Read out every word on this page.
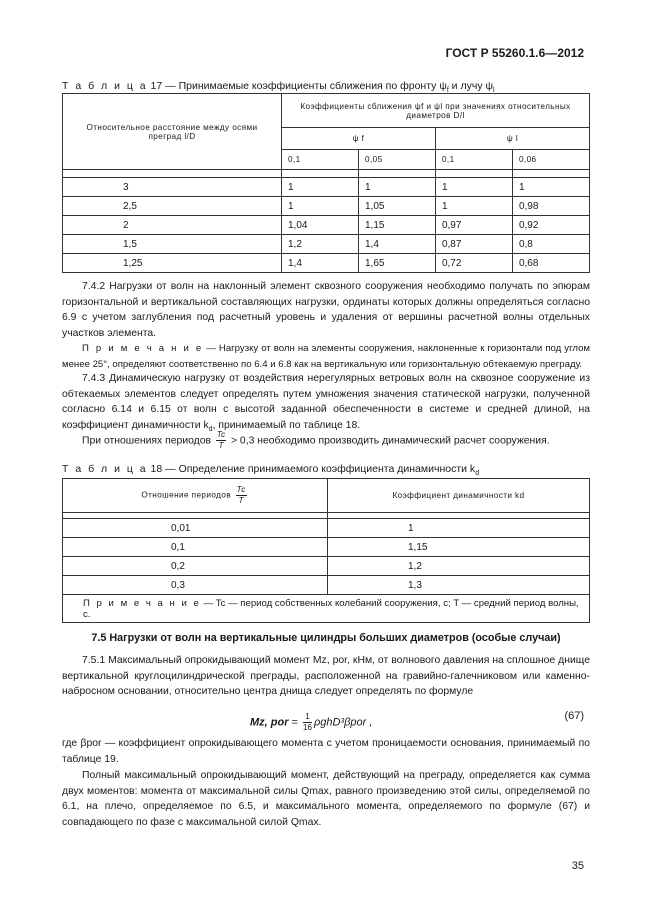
ГОСТ Р 55260.1.6—2012
Т а б л и ц а 17 — Принимаемые коэффициенты сближения по фронту $\psi_f$ и лучу $\psi_l$
Относительное расстояние между осями преград l/D	Коэффициенты сближения ψf и ψl при значениях относительных диаметров D/l			
	ψ f		ψ l	
	0,1	0,05	0,1	0,06

3	1	1	1	1
2,5	1	1,05	1	0,98
2	1,04	1,15	0,97	0,92
1,5	1,2	1,4	0,87	0,8
1,25	1,4	1,65	0,72	0,68
7.4.2 Нагрузки от волн на наклонный элемент сквозного сооружения необходимо получать по эпюрам горизонтальной и вертикальной составляющих нагрузки, ординаты которых должны определяться согласно 6.9 с учетом заглубления под расчетный уровень и удаления от вершины расчетной волны отдельных участков элемента.
П р и м е ч а н и е — Нагрузку от волн на элементы сооружения, наклоненные к горизонтали под углом менее 25°, определяют соответственно по 6.4 и 6.8 как на вертикальную или горизонтальную обтекаемую преграду.
7.4.3 Динамическую нагрузку от воздействия нерегулярных ветровых волн на сквозное сооружение из обтекаемых элементов следует определять путем умножения значения статической нагрузки, полученной согласно 6.14 и 6.15 от волн с высотой заданной обеспеченности в системе и средней длиной, на коэффициент динамичности $k_d$, принимаемый по таблице 18.
При отношениях периодов $\frac{Tc}{T} > 0,3$ необходимо производить динамический расчет сооружения.
Т а б л и ц а 18 — Определение принимаемого коэффициента динамичности $k_d$
Отношение периодов $\frac{Tc}{T}$	Коэффициент динамичности kd

0,01	1
0,1	1,15
0,2	1,2
0,3	1,3
П р и м е ч а н и е — Tc — период собственных колебаний сооружения, с; T — средний период волны, с.	
7.5 Нагрузки от волн на вертикальные цилиндры больших диаметров (особые случаи)
7.5.1 Максимальный опрокидывающий момент Mz, por, кНм, от волнового давления на сплошное днище вертикальной круглоцилиндрической преграды, расположенной на гравийно-галечниковом или каменно-набросном основании, относительно центра днища следует определять по формуле
Mz, por = $\frac{1}{16} \rho ghD^3\beta por$ ,
(67)
где βpor — коэффициент опрокидывающего момента с учетом проницаемости основания, принимаемый по таблице 19.
Полный максимальный опрокидывающий момент, действующий на преграду, определяется как сумма двух моментов: момента от максимальной силы Qmax, равного произведению этой силы, определяемой по 6.1, на плечо, определяемое по 6.5, и максимального момента, определяемого по формуле (67) и совпадающего по фазе с максимальной силой Qmax.
35
